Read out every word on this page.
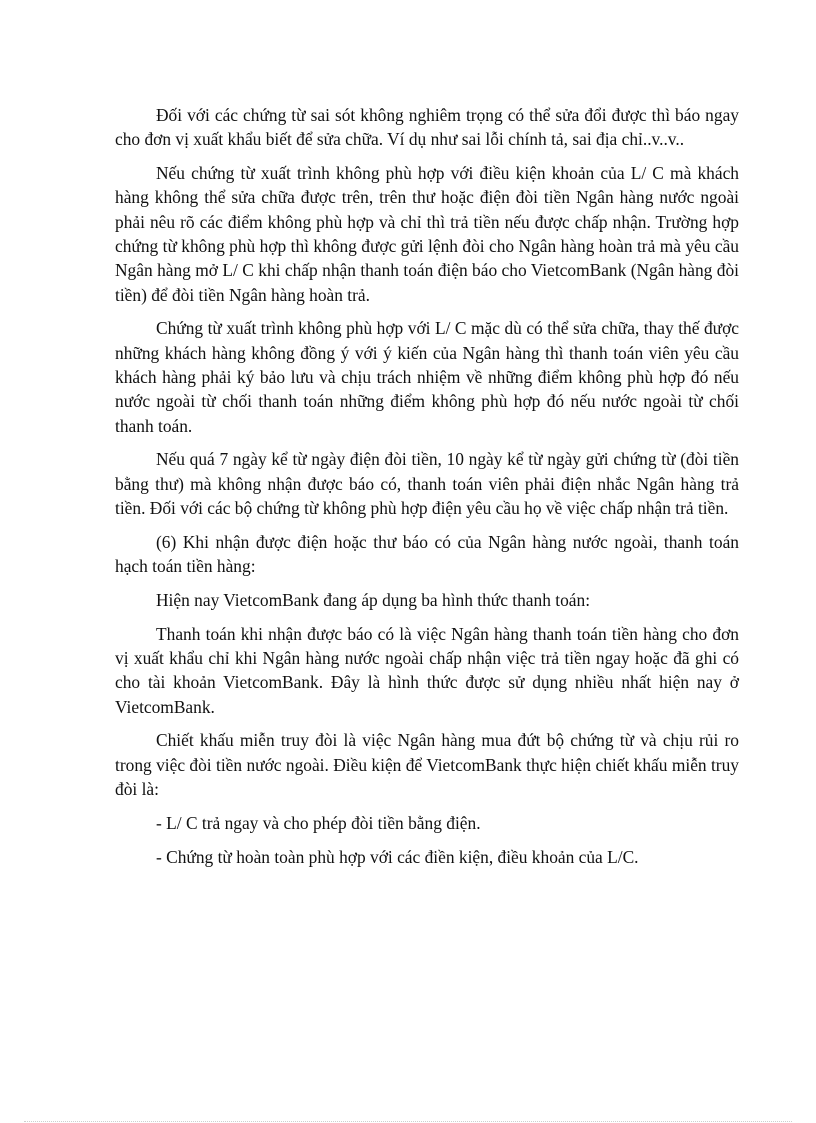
Đối với các chứng từ sai sót không nghiêm trọng có thể sửa đổi được thì báo ngay cho đơn vị xuất khẩu biết để sửa chữa. Ví dụ như sai lỗi chính tả, sai địa chỉ..v..v..

Nếu chứng từ xuất trình không phù hợp với điều kiện khoản của L/ C mà khách hàng không thể sửa chữa được trên, trên thư hoặc điện đòi tiền Ngân hàng nước ngoài phải nêu rõ các điểm không phù hợp và chỉ thì trả tiền nếu được chấp nhận. Trường hợp chứng từ không phù hợp thì không được gửi lệnh đòi cho Ngân hàng hoàn trả mà yêu cầu Ngân hàng mở L/ C khi chấp nhận thanh toán điện báo cho VietcomBank (Ngân hàng đòi tiền) để đòi tiền Ngân hàng hoàn trả.

Chứng từ xuất trình không phù hợp với L/ C mặc dù có thể sửa chữa, thay thế được những khách hàng không đồng ý với ý kiến của Ngân hàng thì thanh toán viên yêu cầu khách hàng phải ký bảo lưu và chịu trách nhiệm về những điểm không phù hợp đó nếu nước ngoài từ chối thanh toán những điểm không phù hợp đó nếu nước ngoài từ chối thanh toán.

Nếu quá 7 ngày kể từ ngày điện đòi tiền, 10 ngày kể từ ngày gửi chứng từ (đòi tiền bằng thư) mà không nhận được báo có, thanh toán viên phải điện nhắc Ngân hàng trả tiền. Đối với các bộ chứng từ không phù hợp điện yêu cầu họ về việc chấp nhận trả tiền.

(6) Khi nhận được điện hoặc thư báo có của Ngân hàng nước ngoài, thanh toán hạch toán tiền hàng:

Hiện nay VietcomBank đang áp dụng ba hình thức thanh toán:

Thanh toán khi nhận được báo có là việc Ngân hàng thanh toán tiền hàng cho đơn vị xuất khẩu chỉ khi Ngân hàng nước ngoài chấp nhận việc trả tiền ngay hoặc đã ghi có cho tài khoản VietcomBank. Đây là hình thức được sử dụng nhiều nhất hiện nay ở VietcomBank.

Chiết khấu miễn truy đòi là việc Ngân hàng mua đứt bộ chứng từ và chịu rủi ro trong việc đòi tiền nước ngoài. Điều kiện để VietcomBank thực hiện chiết khấu miễn truy đòi là:

- L/ C trả ngay và cho phép đòi tiền bằng điện.

- Chứng từ hoàn toàn phù hợp với các điền kiện, điều khoản của L/C.
